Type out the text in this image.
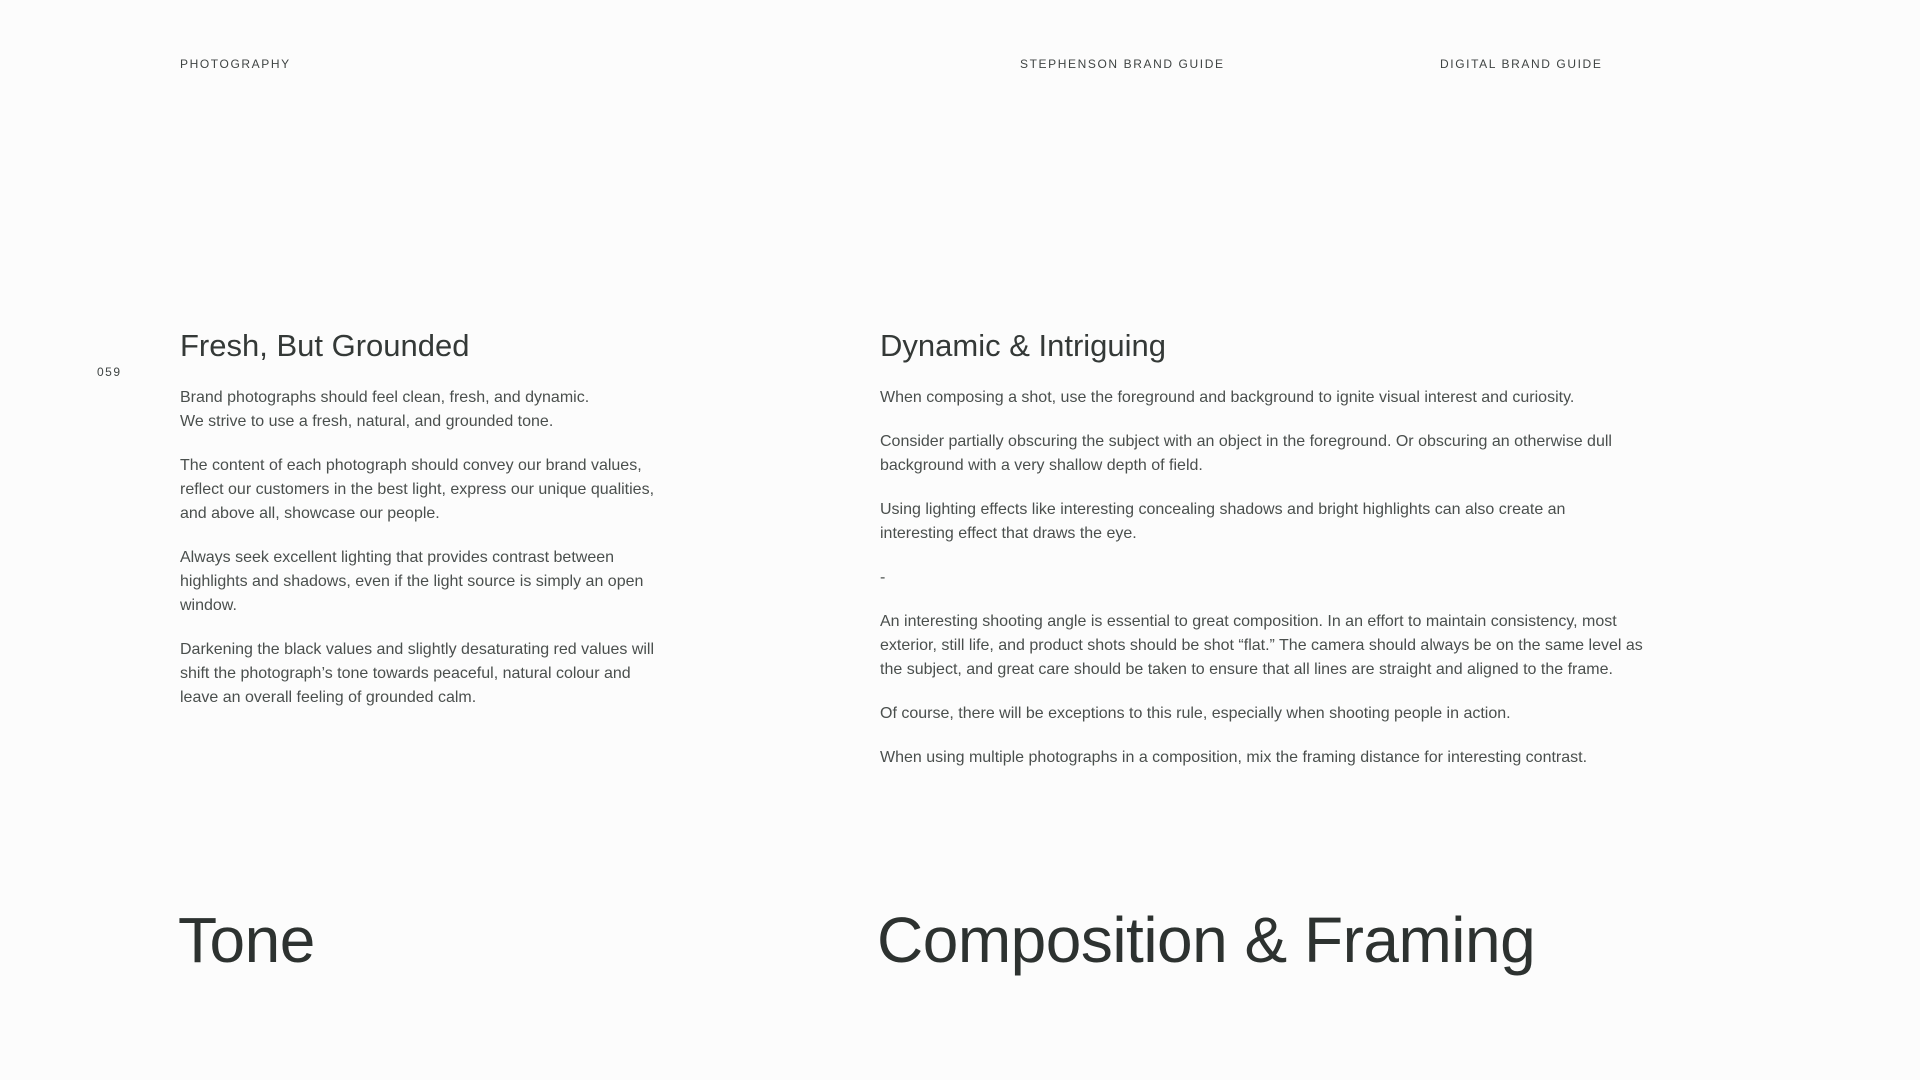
PHOTOGRAPHY	STEPHENSON BRAND GUIDE	DIGITAL BRAND GUIDE
059
Fresh, But Grounded

Brand photographs should feel clean, fresh, and dynamic.
We strive to use a fresh, natural, and grounded tone.

The content of each photograph should convey our brand values,
reflect our customers in the best light, express our unique qualities,
and above all, showcase our people.

Always seek excellent lighting that provides contrast between
highlights and shadows, even if the light source is simply an open
window.

Darkening the black values and slightly desaturating red values will
shift the photograph’s tone towards peaceful, natural colour and
leave an overall feeling of grounded calm.

Dynamic & Intriguing

When composing a shot, use the foreground and background to ignite visual interest and curiosity.

Consider partially obscuring the subject with an object in the foreground. Or obscuring an otherwise dull
background with a very shallow depth of field.

Using lighting effects like interesting concealing shadows and bright highlights can also create an
interesting effect that draws the eye.

-

An interesting shooting angle is essential to great composition. In an effort to maintain consistency, most
exterior, still life, and product shots should be shot “flat.” The camera should always be on the same level as
the subject, and great care should be taken to ensure that all lines are straight and aligned to the frame.

Of course, there will be exceptions to this rule, especially when shooting people in action.

When using multiple photographs in a composition, mix the framing distance for interesting contrast.

Tone	Composition & Framing
